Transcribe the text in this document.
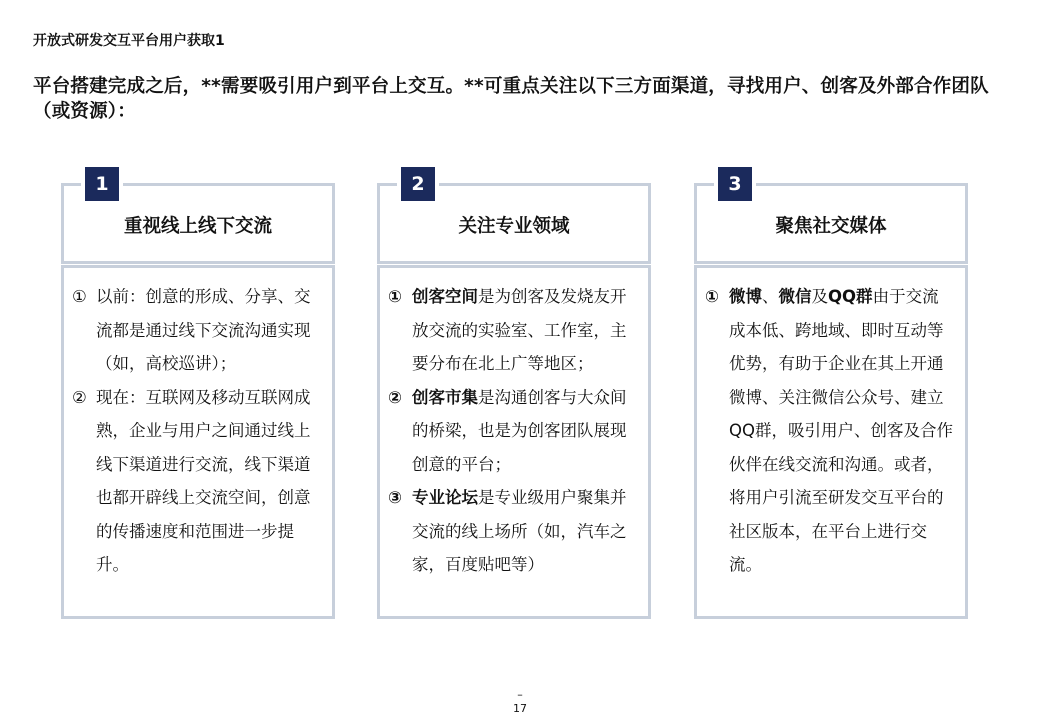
开放式研发交互平台用户获取1
平台搭建完成之后，**需要吸引用户到平台上交互。**可重点关注以下三方面渠道，寻找用户、创客及外部合作团队（或资源）：
重视线上线下交流
1
① 以前：创意的形成、分享、交流都是通过线下交流沟通实现（如，高校巡讲）；
② 现在：互联网及移动互联网成熟，企业与用户之间通过线上线下渠道进行交流，线下渠道也都开辟线上交流空间，创意的传播速度和范围进一步提升。
关注专业领域
2
① 创客空间是为创客及发烧友开放交流的实验室、工作室，主要分布在北上广等地区；
② 创客市集是沟通创客与大众间的桥梁，也是为创客团队展现创意的平台；
③ 专业论坛是专业级用户聚集并交流的线上场所（如，汽车之家，百度贴吧等）
聚焦社交媒体
3
① 微博、微信及QQ群由于交流成本低、跨地域、即时互动等优势，有助于企业在其上开通微博、关注微信公众号、建立QQ群，吸引用户、创客及合作伙伴在线交流和沟通。或者，将用户引流至研发交互平台的社区版本，在平台上进行交流。
–
17
